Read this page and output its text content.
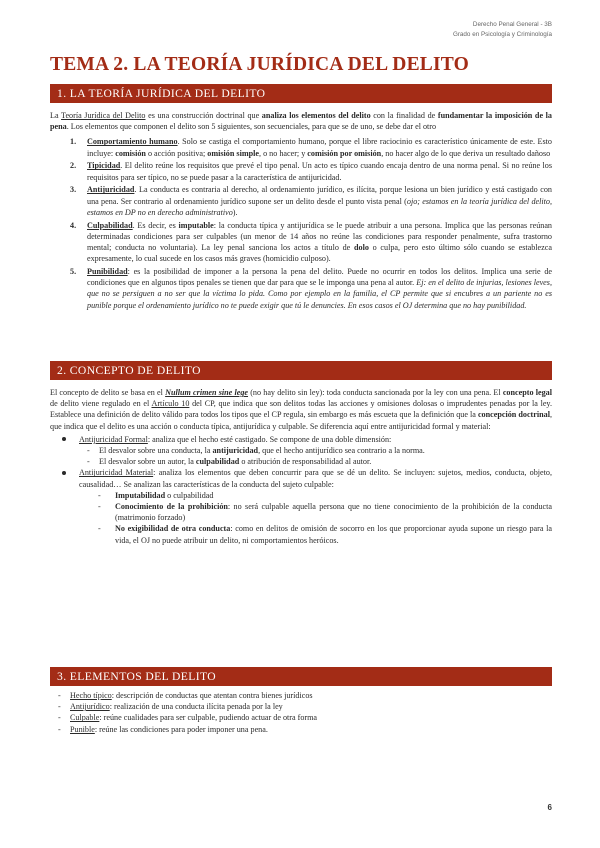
Derecho Penal General - 3B
Grado en Psicología y Criminología
TEMA 2. LA TEORÍA JURÍDICA DEL DELITO
1. LA TEORÍA JURÍDICA DEL DELITO

La Teoría Jurídica del Delito es una construcción doctrinal que analiza los elementos del delito con la finalidad de fundamentar la imposición de la pena. Los elementos que componen el delito son 5 siguientes, son secuenciales, para que se de uno, se debe dar el otro

1. Comportamiento humano. Solo se castiga el comportamiento humano, porque el libre raciocinio es característico únicamente de este. Esto incluye: comisión o acción positiva; omisión simple, o no hacer; y comisión por omisión, no hacer algo de lo que deriva un resultado dañoso
2. Tipicidad. El delito reúne los requisitos que prevé el tipo penal. Un acto es típico cuando encaja dentro de una norma penal. Si no reúne los requisitos para ser típico, no se puede pasar a la característica de antijuricidad.
3. Antijuricidad. La conducta es contraria al derecho, al ordenamiento jurídico, es ilícita, porque lesiona un bien jurídico y está castigado con una pena. Ser contrario al ordenamiento jurídico supone ser un delito desde el punto vista penal (ojo; estamos en la teoría jurídica del delito, estamos en DP no en derecho administrativo).
4. Culpabilidad. Es decir, es imputable: la conducta típica y antijurídica se le puede atribuir a una persona. Implica que las personas reúnan determinadas condiciones para ser culpables (un menor de 14 años no reúne las condiciones para responder penalmente, sufra trastorno mental; conducta no voluntaria). La ley penal sanciona los actos a título de dolo o culpa, pero esto último sólo cuando se establezca expresamente, lo cual sucede en los casos más graves (homicidio culposo).
5. Punibilidad: es la posibilidad de imponer a la persona la pena del delito. Puede no ocurrir en todos los delitos. Implica una serie de condiciones que en algunos tipos penales se tienen que dar para que se le imponga una pena al autor. Ej: en el delito de injurias, lesiones leves, que no se persiguen a no ser que la víctima lo pida. Como por ejemplo en la familia, el CP permite que si encubres a un pariente no es punible porque el ordenamiento jurídico no te puede exigir que tú le denuncies. En esos casos el OJ determina que no hay punibilidad.
2. CONCEPTO DE DELITO

El concepto de delito se basa en el Nullum crimen sine lege (no hay delito sin ley): toda conducta sancionada por la ley con una pena. El concepto legal de delito viene regulado en el Artículo 10 del CP, que indica que son delitos todas las acciones y omisiones dolosas o imprudentes penadas por la ley. Establece una definición de delito válido para todos los tipos que el CP regula, sin embargo es más escueta que la definición que la concepción doctrinal, que indica que el delito es una acción o conducta típica, antijurídica y culpable. Se diferencia aquí entre antijuricidad formal y material:

Antijuricidad Formal: analiza que el hecho esté castigado. Se compone de una doble dimensión:
- El desvalor sobre una conducta, la antijuricidad, que el hecho antijurídico sea contrario a la norma.
- El desvalor sobre un autor, la culpabilidad o atribución de responsabilidad al autor.
Antijuricidad Material: analiza los elementos que deben concurrir para que se dé un delito. Se incluyen: sujetos, medios, conducta, objeto, causalidad… Se analizan las características de la conducta del sujeto culpable:
- Imputabilidad o culpabilidad
- Conocimiento de la prohibición: no será culpable aquella persona que no tiene conocimiento de la prohibición de la conducta (matrimonio forzado)
- No exigibilidad de otra conducta: como en delitos de omisión de socorro en los que proporcionar ayuda supone un riesgo para la vida, el OJ no puede atribuir un delito, ni comportamientos heróicos.
3. ELEMENTOS DEL DELITO
- Hecho típico: descripción de conductas que atentan contra bienes jurídicos
- Antijurídico: realización de una conducta ilícita penada por la ley
- Culpable: reúne cualidades para ser culpable, pudiendo actuar de otra forma
- Punible: reúne las condiciones para poder imponer una pena.
6
